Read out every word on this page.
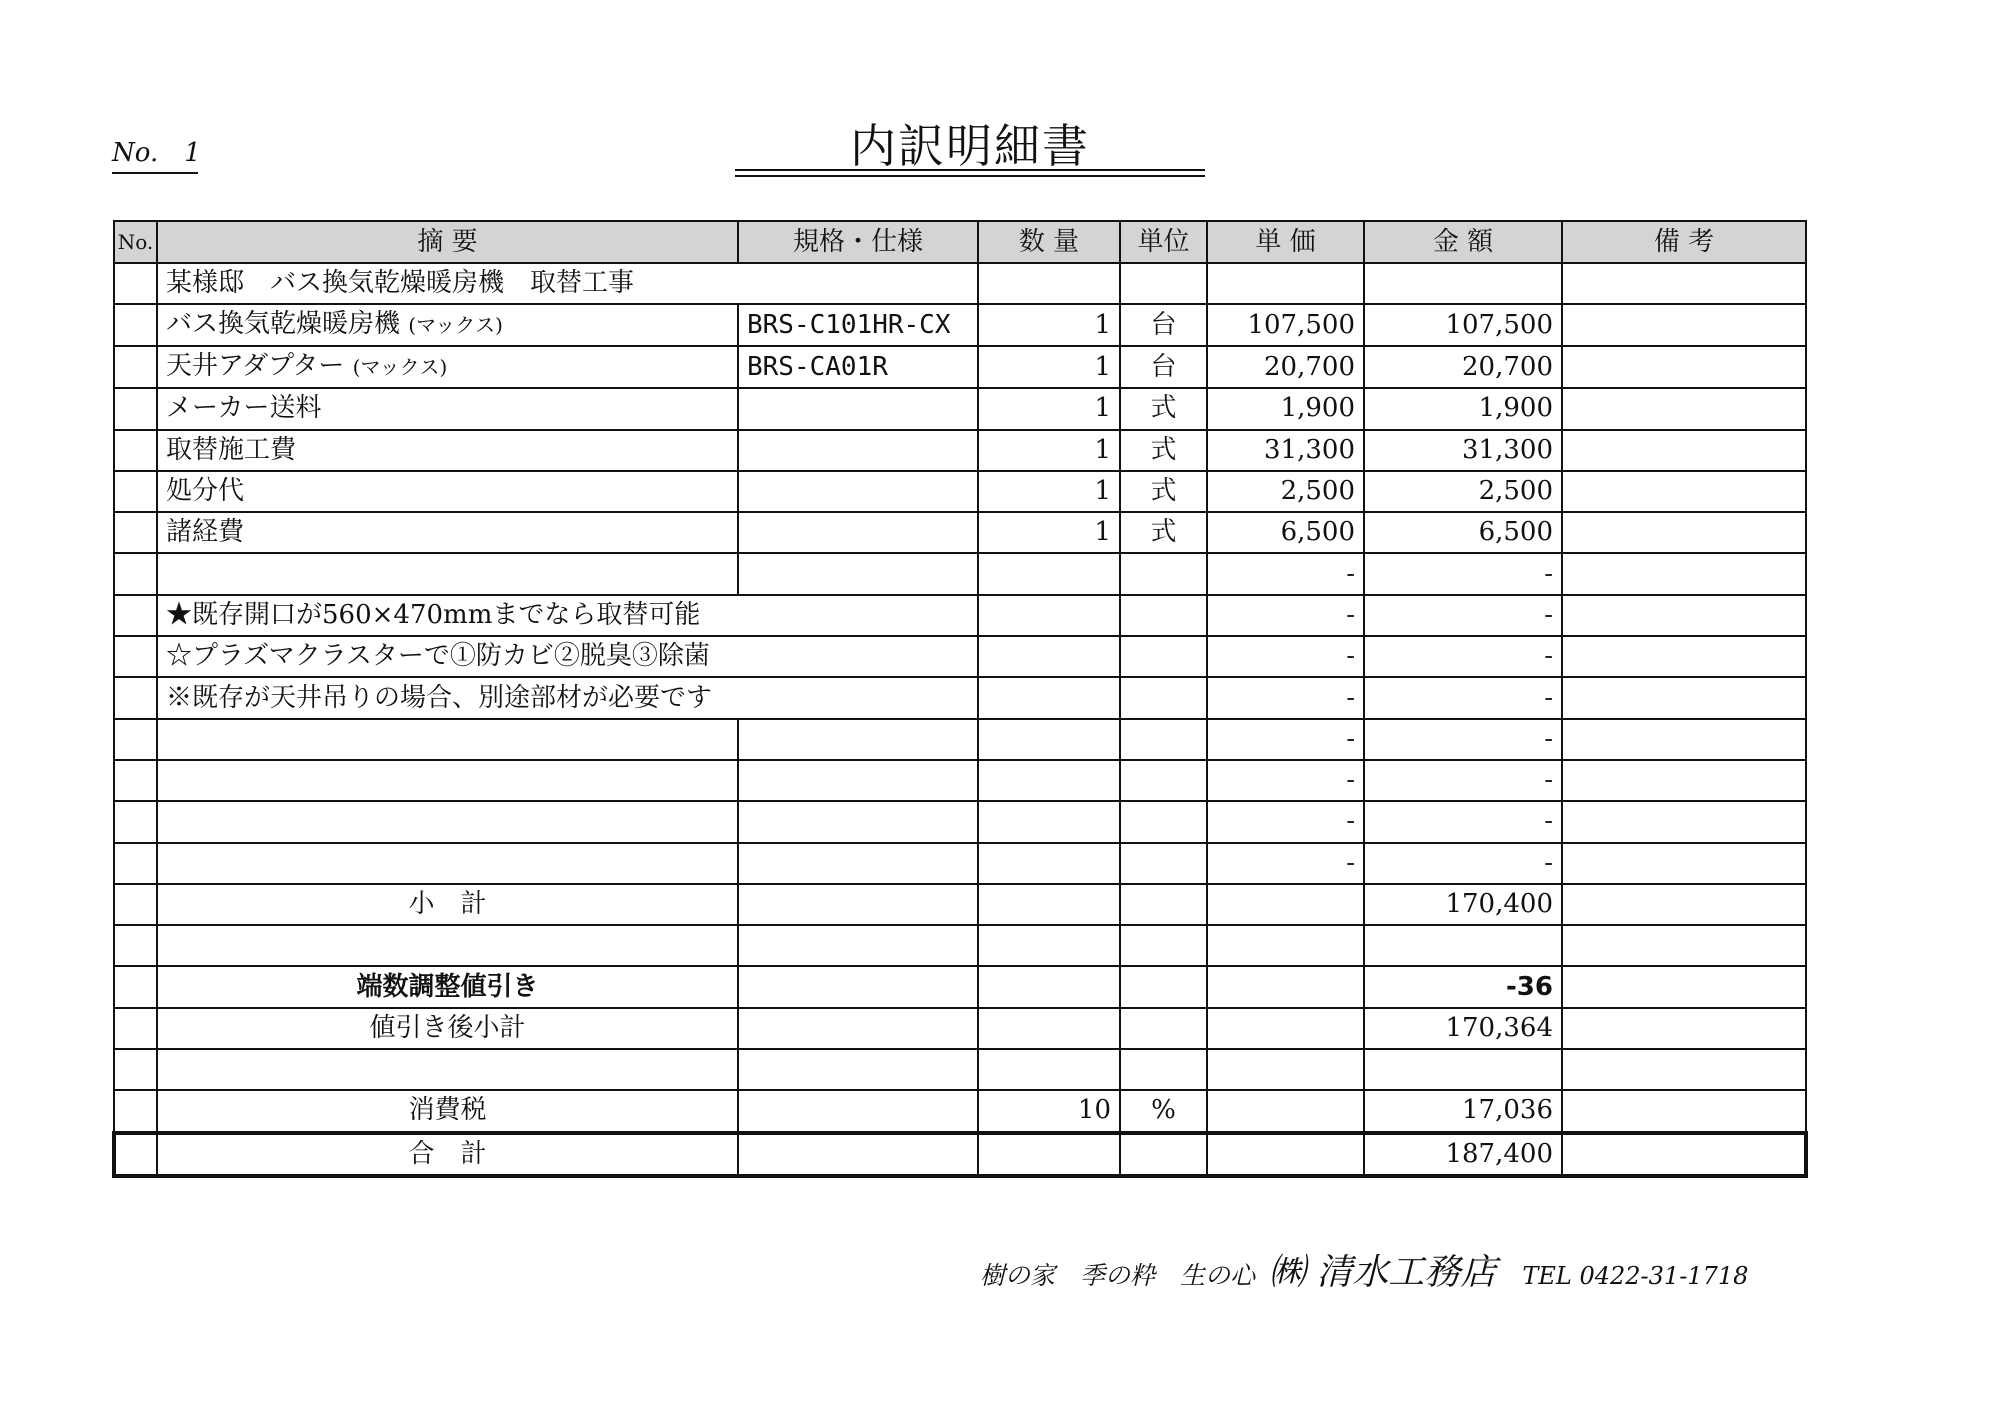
No. 1	内訳明細書
No.	摘 要	規格・仕様	数 量	単位	単 価	金 額	備 考
	某様邸　バス換気乾燥暖房機　取替工事						
	バス換気乾燥暖房機 (マックス)	BRS-C101HR-CX	1	台	107,500	107,500	
	天井アダプター (マックス)	BRS-CA01R	1	台	20,700	20,700	
	メーカー送料		1	式	1,900	1,900	
	取替施工費		1	式	31,300	31,300	
	処分代		1	式	2,500	2,500	
	諸経費		1	式	6,500	6,500	
					-	-	
	★既存開口が560×470mmまでなら取替可能				-	-	
	☆プラズマクラスターで①防カビ②脱臭③除菌				-	-	
	※既存が天井吊りの場合、別途部材が必要です				-	-	
					-	-	
					-	-	
					-	-	
					-	-	
	小　計					170,400	

	端数調整値引き					-36	
	値引き後小計					170,364	

	消費税		10	%		17,036	
	合　計					187,400	
樹の家　季の粋　生の心 ㈱ 清水工務店 TEL 0422-31-1718
